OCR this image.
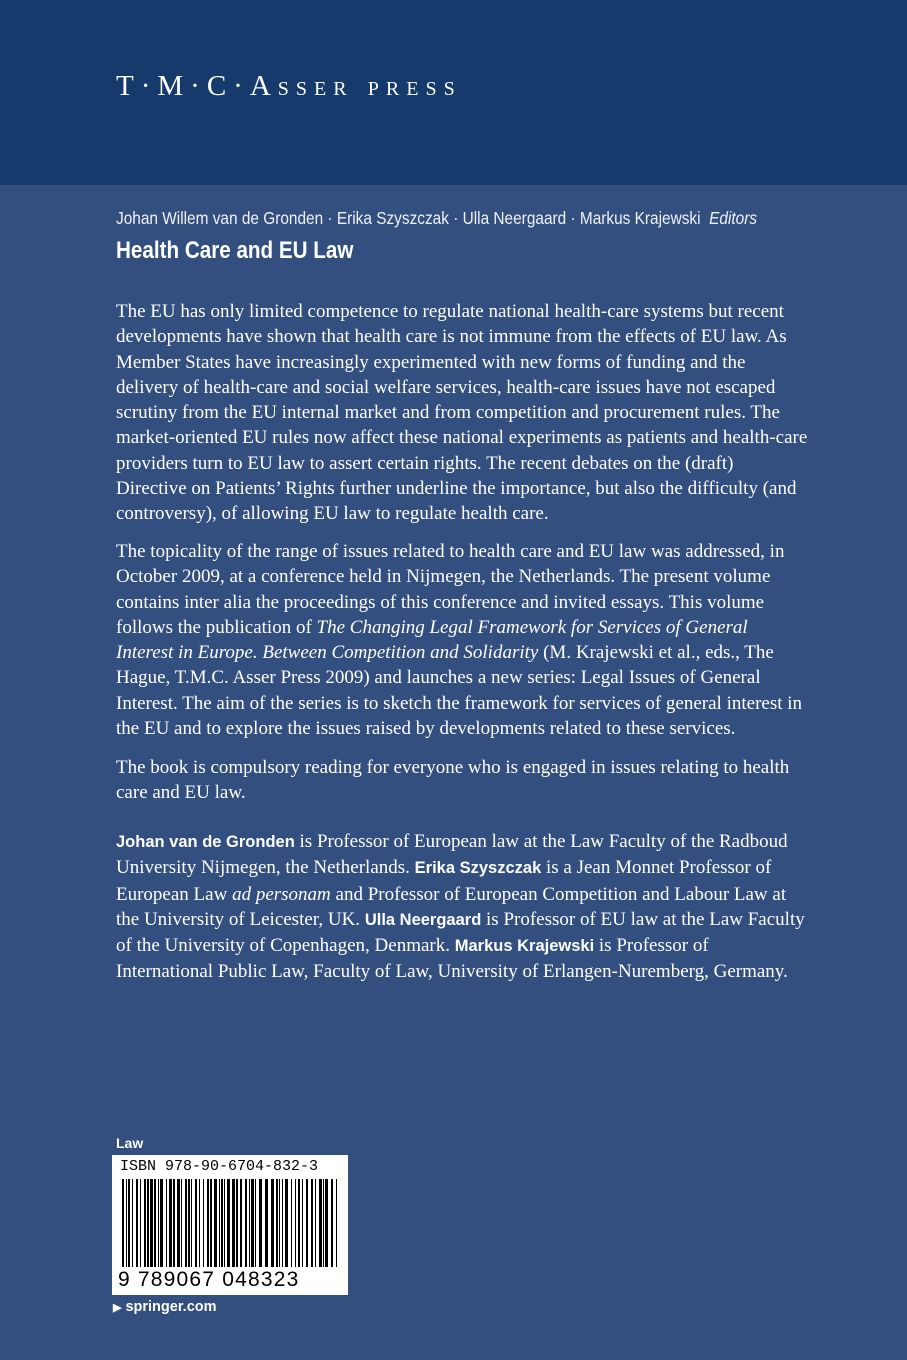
T·M·C·Asser press
Johan Willem van de Gronden · Erika Szyszczak · Ulla Neergaard · Markus Krajewski Editors
Health Care and EU Law
The EU has only limited competence to regulate national health-care systems but recent developments have shown that health care is not immune from the effects of EU law. As Member States have increasingly experimented with new forms of funding and the delivery of health-care and social welfare services, health-care issues have not escaped scrutiny from the EU internal market and from competition and procurement rules. The market-oriented EU rules now affect these national experiments as patients and health-care providers turn to EU law to assert certain rights. The recent debates on the (draft) Directive on Patients’ Rights further underline the importance, but also the difficulty (and controversy), of allowing EU law to regulate health care.
The topicality of the range of issues related to health care and EU law was addressed, in October 2009, at a conference held in Nijmegen, the Netherlands. The present volume contains inter alia the proceedings of this conference and invited essays. This volume follows the publication of The Changing Legal Framework for Services of General Interest in Europe. Between Competition and Solidarity (M. Krajewski et al., eds., The Hague, T.M.C. Asser Press 2009) and launches a new series: Legal Issues of General Interest. The aim of the series is to sketch the framework for services of general interest in the EU and to explore the issues raised by developments related to these services.
The book is compulsory reading for everyone who is engaged in issues relating to health care and EU law.
Johan van de Gronden is Professor of European law at the Law Faculty of the Radboud University Nijmegen, the Netherlands. Erika Szyszczak is a Jean Monnet Professor of European Law ad personam and Professor of European Competition and Labour Law at the University of Leicester, UK. Ulla Neergaard is Professor of EU law at the Law Faculty of the University of Copenhagen, Denmark. Markus Krajewski is Professor of International Public Law, Faculty of Law, University of Erlangen-Nuremberg, Germany.
Law
ISBN 978-90-6704-832-3
9 789067 048323
▶ springer.com
